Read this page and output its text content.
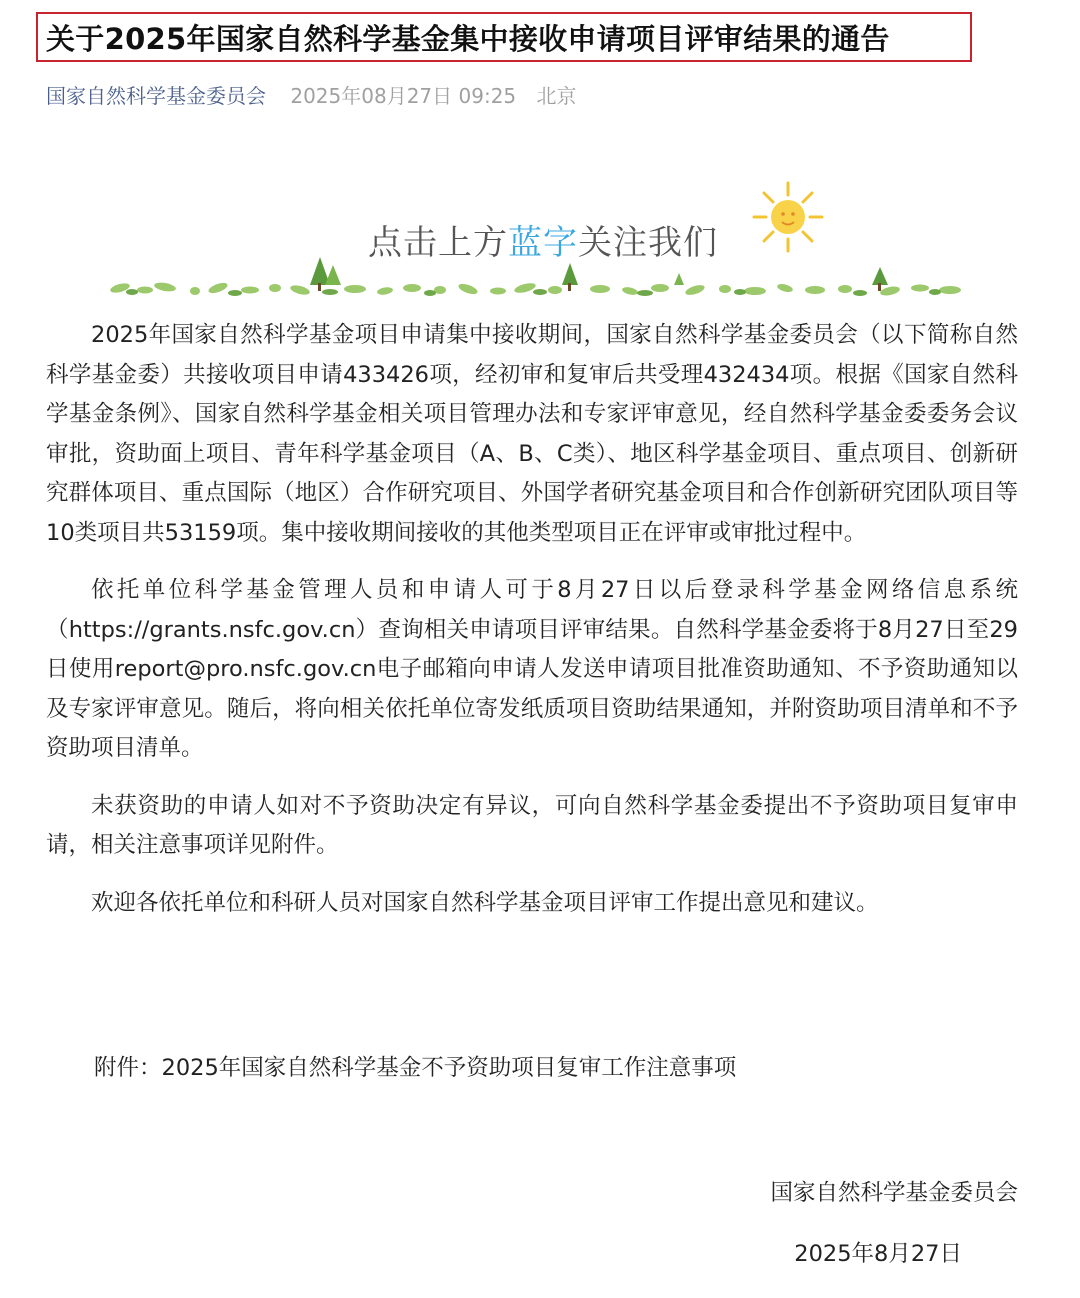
关于2025年国家自然科学基金集中接收申请项目评审结果的通告
国家自然科学基金委员会 2025年08月27日 09:25 北京
点击上方蓝字关注我们

2025年国家自然科学基金项目申请集中接收期间，国家自然科学基金委员会（以下简称自然科学基金委）共接收项目申请433426项，经初审和复审后共受理432434项。根据《国家自然科学基金条例》、国家自然科学基金相关项目管理办法和专家评审意见，经自然科学基金委委务会议审批，资助面上项目、青年科学基金项目（A、B、C类）、地区科学基金项目、重点项目、创新研究群体项目、重点国际（地区）合作研究项目、外国学者研究基金项目和合作创新研究团队项目等10类项目共53159项。集中接收期间接收的其他类型项目正在评审或审批过程中。

依托单位科学基金管理人员和申请人可于8月27日以后登录科学基金网络信息系统（https://grants.nsfc.gov.cn）查询相关申请项目评审结果。自然科学基金委将于8月27日至29日使用report@pro.nsfc.gov.cn电子邮箱向申请人发送申请项目批准资助通知、不予资助通知以及专家评审意见。随后，将向相关依托单位寄发纸质项目资助结果通知，并附资助项目清单和不予资助项目清单。

未获资助的申请人如对不予资助决定有异议，可向自然科学基金委提出不予资助项目复审申请，相关注意事项详见附件。

欢迎各依托单位和科研人员对国家自然科学基金项目评审工作提出意见和建议。

附件：2025年国家自然科学基金不予资助项目复审工作注意事项
国家自然科学基金委员会
2025年8月27日
